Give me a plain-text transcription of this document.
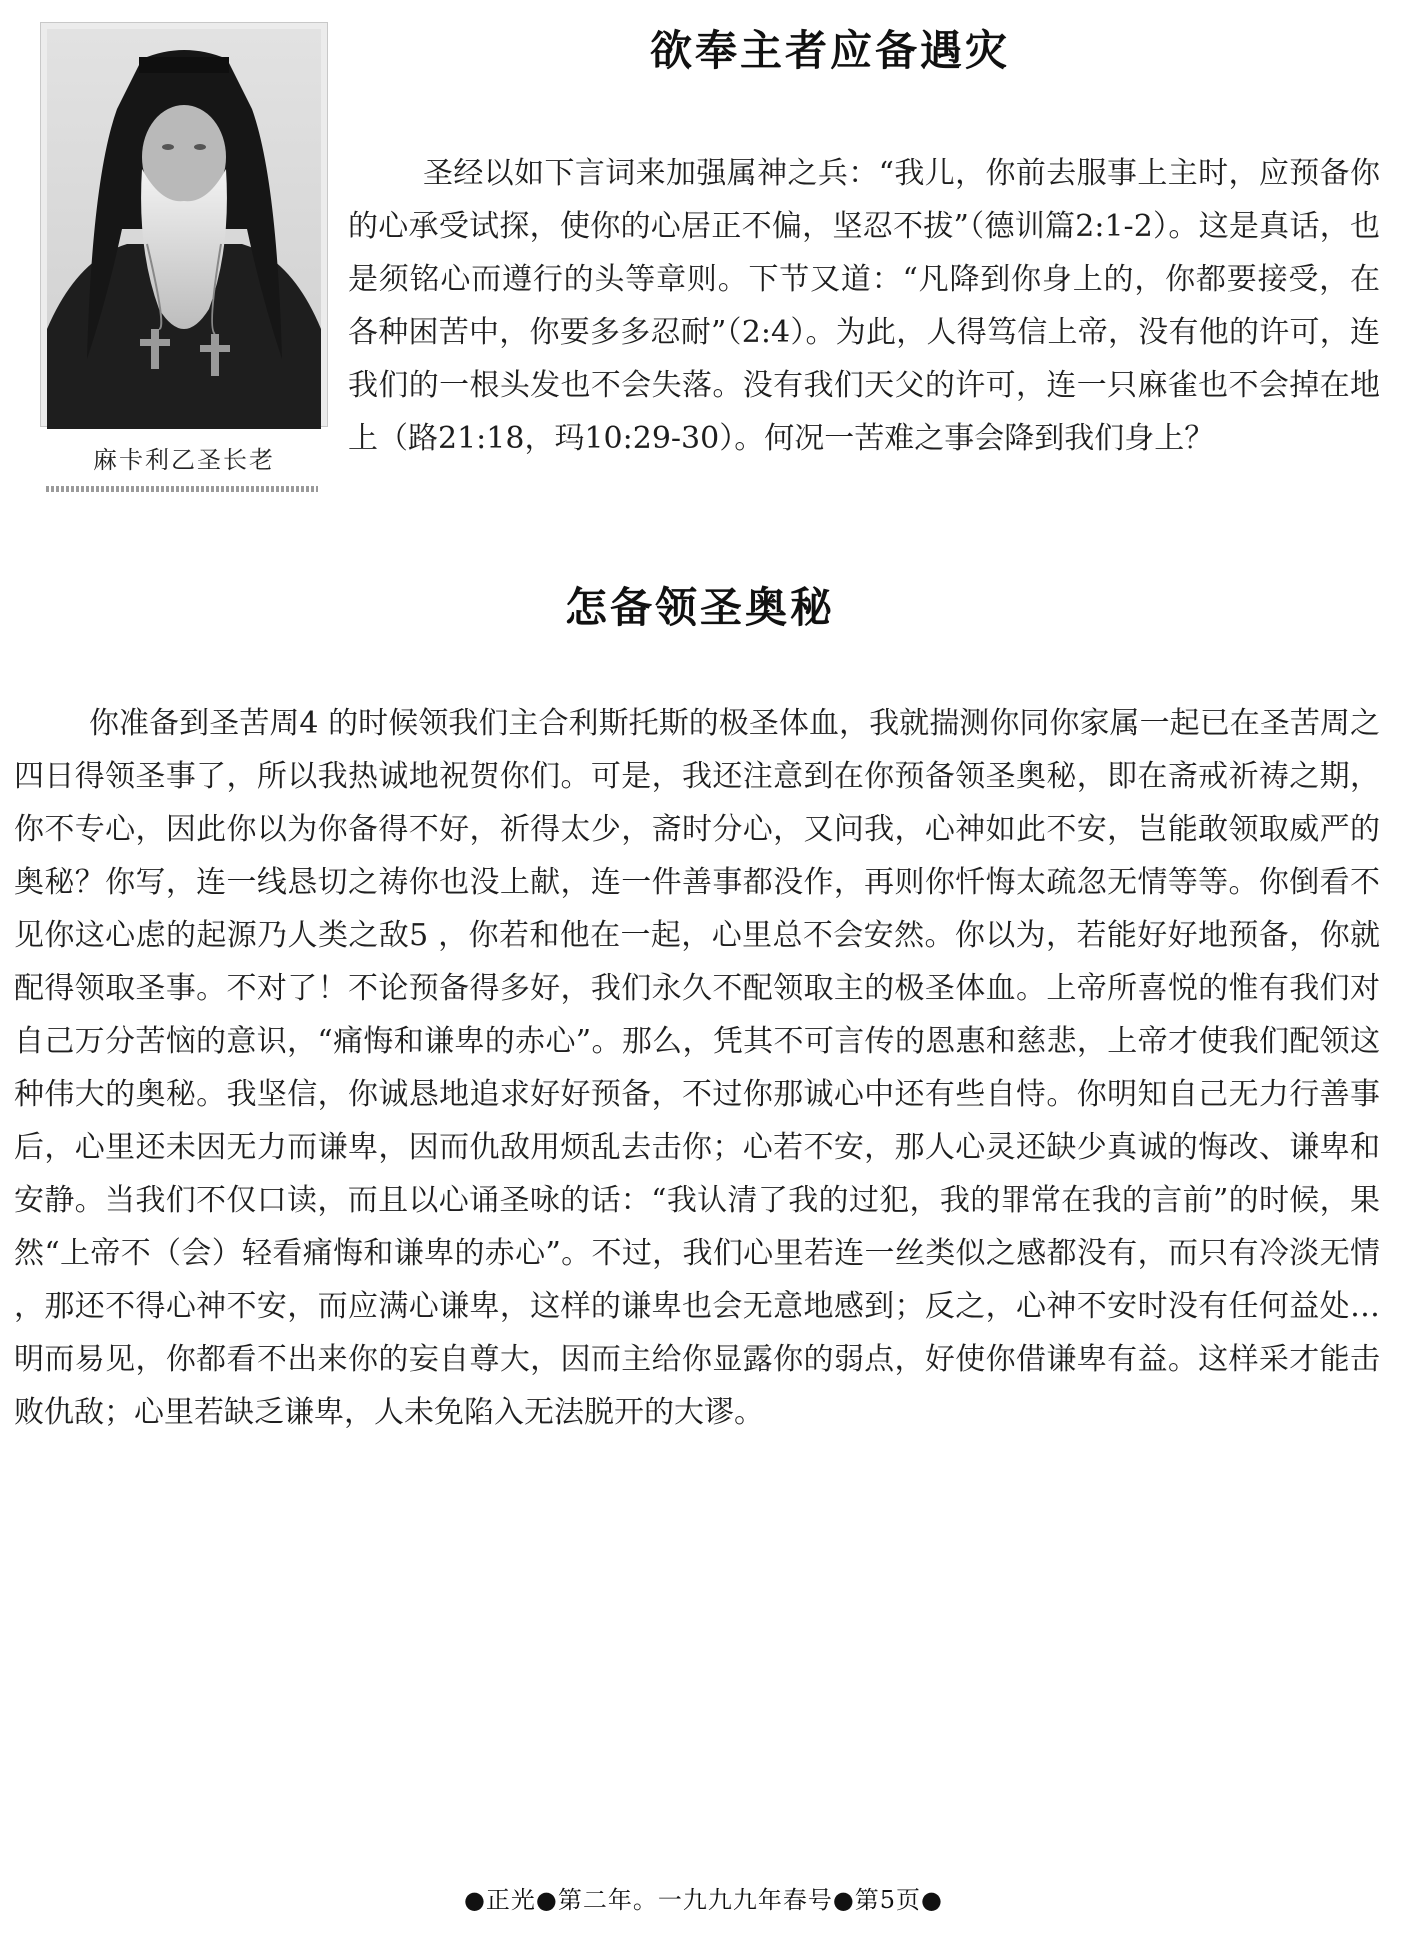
麻卡利乙圣长老
欲奉主者应备遇灾

圣经以如下言词来加强属神之兵：“我儿，你前去服事上主时，应预备你的心承受试探，使你的心居正不偏，坚忍不拔”（德训篇2:1-2）。这是真话，也是须铭心而遵行的头等章则。下节又道：“凡降到你身上的，你都要接受，在各种困苦中，你要多多忍耐”（2:4）。为此，人得笃信上帝，没有他的许可，连我们的一根头发也不会失落。没有我们天父的许可，连一只麻雀也不会掉在地上（路21:18，玛10:29-30）。何况一苦难之事会降到我们身上？

怎备领圣奥秘

你准备到圣苦周4 的时候领我们主合利斯托斯的极圣体血，我就揣测你同你家属一起已在圣苦周之四日得领圣事了，所以我热诚地祝贺你们。可是，我还注意到在你预备领圣奥秘，即在斋戒祈祷之期，你不专心，因此你以为你备得不好，祈得太少，斋时分心，又问我，心神如此不安，岂能敢领取威严的奥秘？你写，连一线恳切之祷你也没上献，连一件善事都没作，再则你忏悔太疏忽无情等等。你倒看不见你这心虑的起源乃人类之敌5 ，你若和他在一起，心里总不会安然。你以为，若能好好地预备，你就配得领取圣事。不对了！不论预备得多好，我们永久不配领取主的极圣体血。上帝所喜悦的惟有我们对自己万分苦恼的意识，“痛悔和谦卑的赤心”。那么，凭其不可言传的恩惠和慈悲，上帝才使我们配领这种伟大的奥秘。我坚信，你诚恳地追求好好预备，不过你那诚心中还有些自恃。你明知自己无力行善事后，心里还未因无力而谦卑，因而仇敌用烦乱去击你；心若不安，那人心灵还缺少真诚的悔改、谦卑和安静。当我们不仅口读，而且以心诵圣咏的话：“我认清了我的过犯，我的罪常在我的言前”的时候，果然“上帝不（会）轻看痛悔和谦卑的赤心”。不过，我们心里若连一丝类似之感都没有，而只有冷淡无情，那还不得心神不安，而应满心谦卑，这样的谦卑也会无意地感到；反之，心神不安时没有任何益处…明而易见，你都看不出来你的妄自尊大，因而主给你显露你的弱点，好使你借谦卑有益。这样采才能击败仇敌；心里若缺乏谦卑，人未免陷入无法脱开的大谬。

●正光●第二年。一九九九年春号●第5页●
